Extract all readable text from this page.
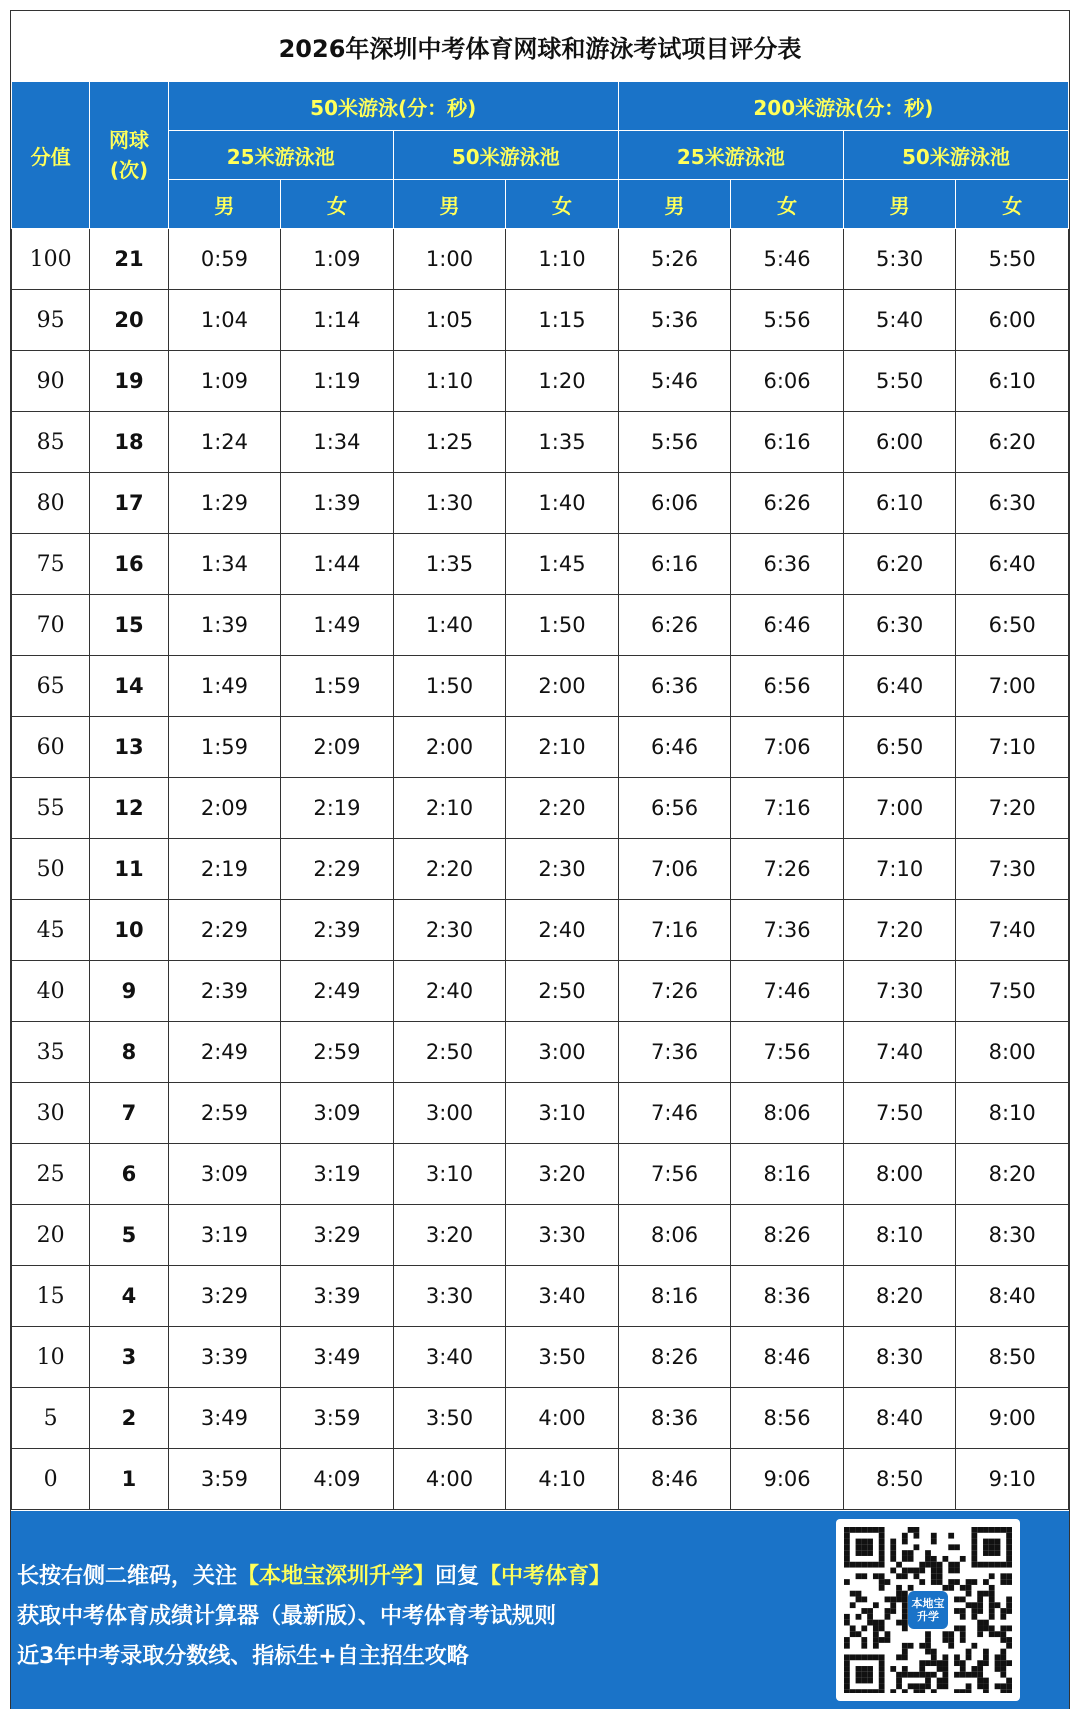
2026年深圳中考体育网球和游泳考试项目评分表
分值	网球(次)	50米游泳(分：秒)				200米游泳(分：秒)			
		25米游泳池		50米游泳池		25米游泳池		50米游泳池	
		男	女	男	女	男	女	男	女
100	21	0:59	1:09	1:00	1:10	5:26	5:46	5:30	5:50
95	20	1:04	1:14	1:05	1:15	5:36	5:56	5:40	6:00
90	19	1:09	1:19	1:10	1:20	5:46	6:06	5:50	6:10
85	18	1:24	1:34	1:25	1:35	5:56	6:16	6:00	6:20
80	17	1:29	1:39	1:30	1:40	6:06	6:26	6:10	6:30
75	16	1:34	1:44	1:35	1:45	6:16	6:36	6:20	6:40
70	15	1:39	1:49	1:40	1:50	6:26	6:46	6:30	6:50
65	14	1:49	1:59	1:50	2:00	6:36	6:56	6:40	7:00
60	13	1:59	2:09	2:00	2:10	6:46	7:06	6:50	7:10
55	12	2:09	2:19	2:10	2:20	6:56	7:16	7:00	7:20
50	11	2:19	2:29	2:20	2:30	7:06	7:26	7:10	7:30
45	10	2:29	2:39	2:30	2:40	7:16	7:36	7:20	7:40
40	9	2:39	2:49	2:40	2:50	7:26	7:46	7:30	7:50
35	8	2:49	2:59	2:50	3:00	7:36	7:56	7:40	8:00
30	7	2:59	3:09	3:00	3:10	7:46	8:06	7:50	8:10
25	6	3:09	3:19	3:10	3:20	7:56	8:16	8:00	8:20
20	5	3:19	3:29	3:20	3:30	8:06	8:26	8:10	8:30
15	4	3:29	3:39	3:30	3:40	8:16	8:36	8:20	8:40
10	3	3:39	3:49	3:40	3:50	8:26	8:46	8:30	8:50
5	2	3:49	3:59	3:50	4:00	8:36	8:56	8:40	9:00
0	1	3:59	4:09	4:00	4:10	8:46	9:06	8:50	9:10
长按右侧二维码，关注【本地宝深圳升学】回复【中考体育】
获取中考体育成绩计算器（最新版）、中考体育考试规则
近3年中考录取分数线、指标生+自主招生攻略
本地宝
升学
